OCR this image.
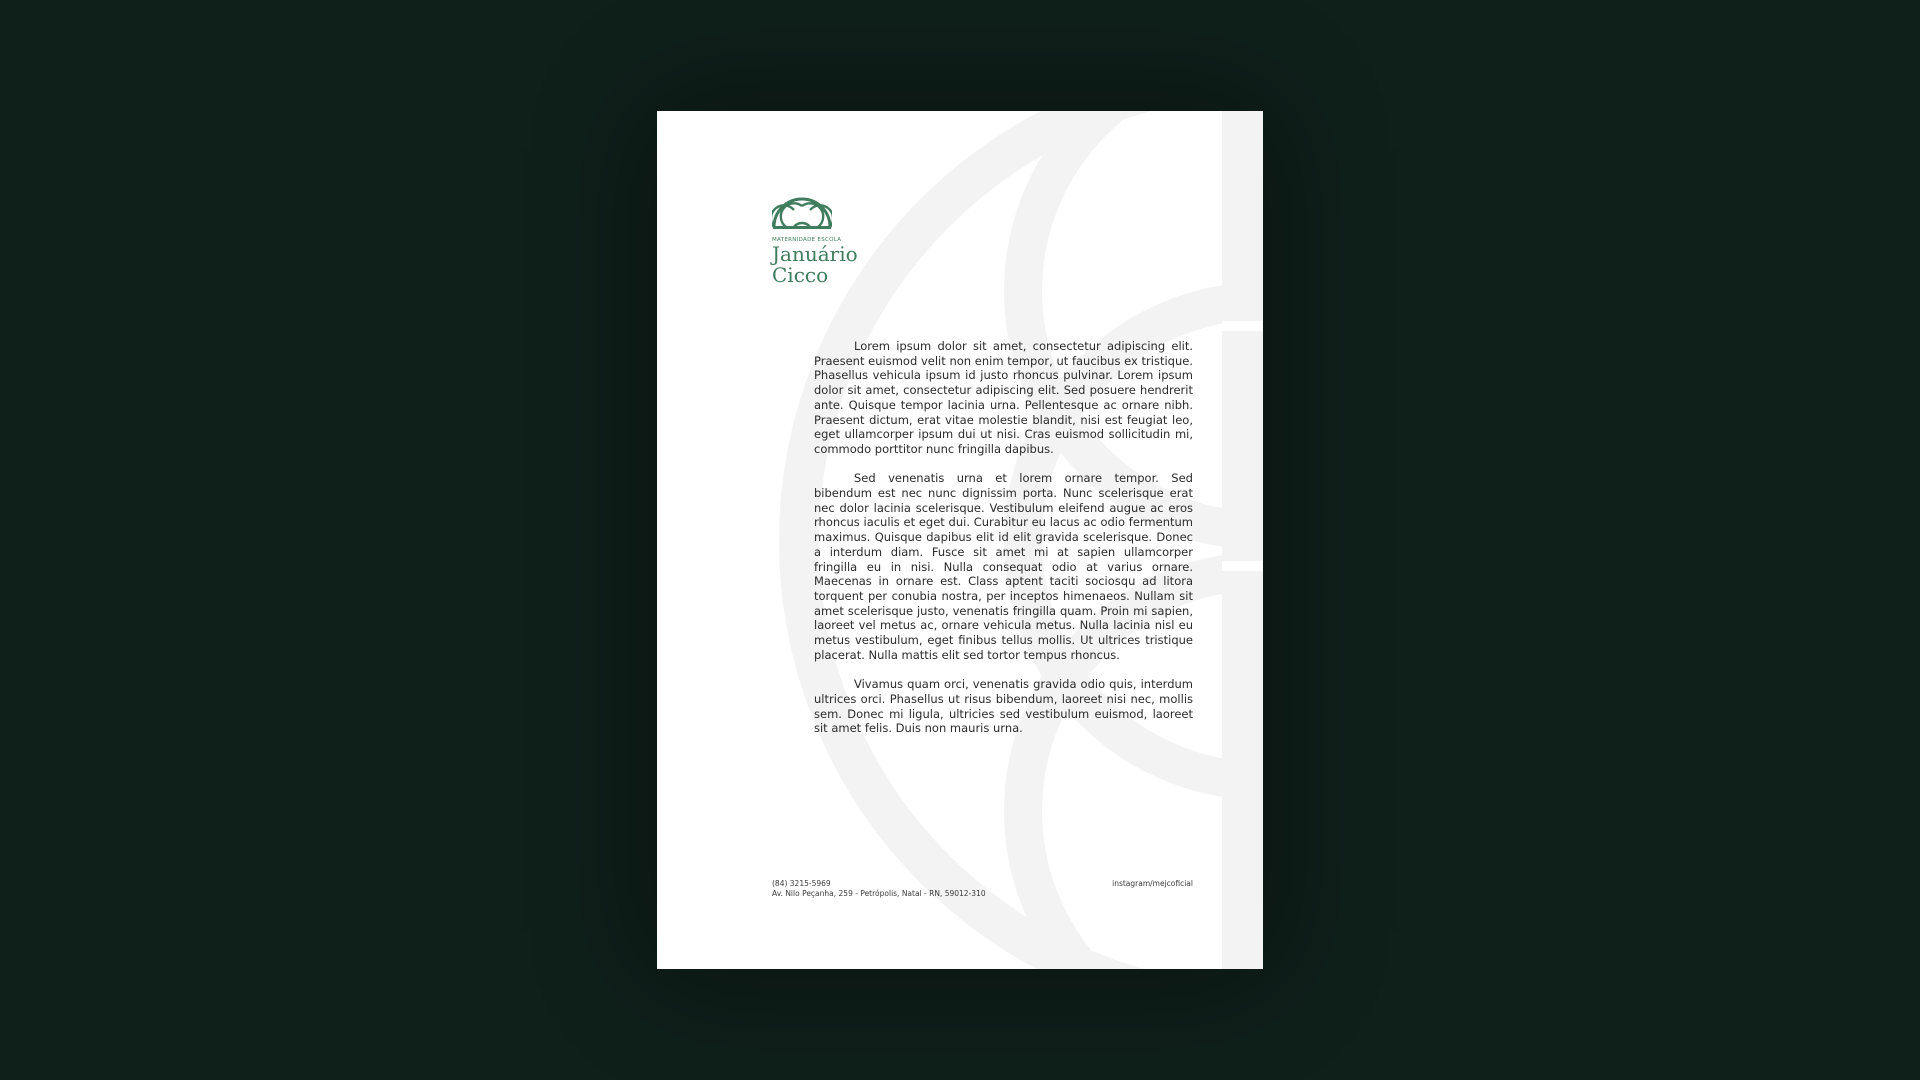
MATERNIDADE ESCOLA
Januário
Cicco

Lorem ipsum dolor sit amet, consectetur adipiscing elit. Praesent euismod velit non enim tempor, ut faucibus ex tristique. Phasellus vehicula ipsum id justo rhoncus pulvinar. Lorem ipsum dolor sit amet, consectetur adipiscing elit. Sed posuere hendrerit ante. Quisque tempor lacinia urna. Pellentesque ac ornare nibh. Praesent dictum, erat vitae molestie blandit, nisi est feugiat leo, eget ullamcorper ipsum dui ut nisi. Cras euismod sollicitudin mi, commodo porttitor nunc fringilla dapibus.

Sed venenatis urna et lorem ornare tempor. Sed bibendum est nec nunc dignissim porta. Nunc scelerisque erat nec dolor lacinia scelerisque. Vestibulum eleifend augue ac eros rhoncus iaculis et eget dui. Curabitur eu lacus ac odio fermentum maximus. Quisque dapibus elit id elit gravida scelerisque. Donec a interdum diam. Fusce sit amet mi at sapien ullamcorper fringilla eu in nisi. Nulla consequat odio at varius ornare. Maecenas in ornare est. Class aptent taciti sociosqu ad litora torquent per conubia nostra, per inceptos himenaeos. Nullam sit amet scelerisque justo, venenatis fringilla quam. Proin mi sapien, laoreet vel metus ac, ornare vehicula metus. Nulla lacinia nisl eu metus vestibulum, eget finibus tellus mollis. Ut ultrices tristique placerat. Nulla mattis elit sed tortor tempus rhoncus.

Vivamus quam orci, venenatis gravida odio quis, interdum ultrices orci. Phasellus ut risus bibendum, laoreet nisi nec, mollis sem. Donec mi ligula, ultricies sed vestibulum euismod, laoreet sit amet felis. Duis non mauris urna.

(84) 3215-5969
Av. Nilo Peçanha, 259 - Petrópolis, Natal - RN, 59012-310
instagram/mejcoficial
